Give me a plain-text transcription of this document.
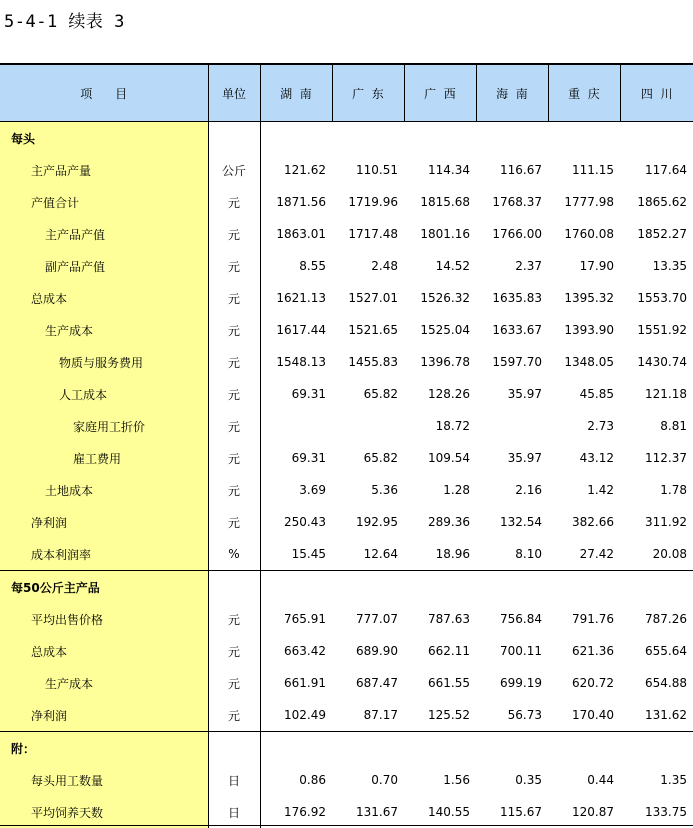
5-4-1 续表 3
项      目	单位	湖  南	广  东	广  西	海  南	重  庆	四  川
每头							
主产品产量	公斤	121.62	110.51	114.34	116.67	111.15	117.64
产值合计	元	1871.56	1719.96	1815.68	1768.37	1777.98	1865.62
主产品产值	元	1863.01	1717.48	1801.16	1766.00	1760.08	1852.27
副产品产值	元	8.55	2.48	14.52	2.37	17.90	13.35
总成本	元	1621.13	1527.01	1526.32	1635.83	1395.32	1553.70
生产成本	元	1617.44	1521.65	1525.04	1633.67	1393.90	1551.92
物质与服务费用	元	1548.13	1455.83	1396.78	1597.70	1348.05	1430.74
人工成本	元	69.31	65.82	128.26	35.97	45.85	121.18
家庭用工折价	元			18.72		2.73	8.81
雇工费用	元	69.31	65.82	109.54	35.97	43.12	112.37
土地成本	元	3.69	5.36	1.28	2.16	1.42	1.78
净利润	元	250.43	192.95	289.36	132.54	382.66	311.92
成本利润率	%	15.45	12.64	18.96	8.10	27.42	20.08
每50公斤主产品							
平均出售价格	元	765.91	777.07	787.63	756.84	791.76	787.26
总成本	元	663.42	689.90	662.11	700.11	621.36	655.64
生产成本	元	661.91	687.47	661.55	699.19	620.72	654.88
净利润	元	102.49	87.17	125.52	56.73	170.40	131.62
附：							
每头用工数量	日	0.86	0.70	1.56	0.35	0.44	1.35
平均饲养天数	日	176.92	131.67	140.55	115.67	120.87	133.75
